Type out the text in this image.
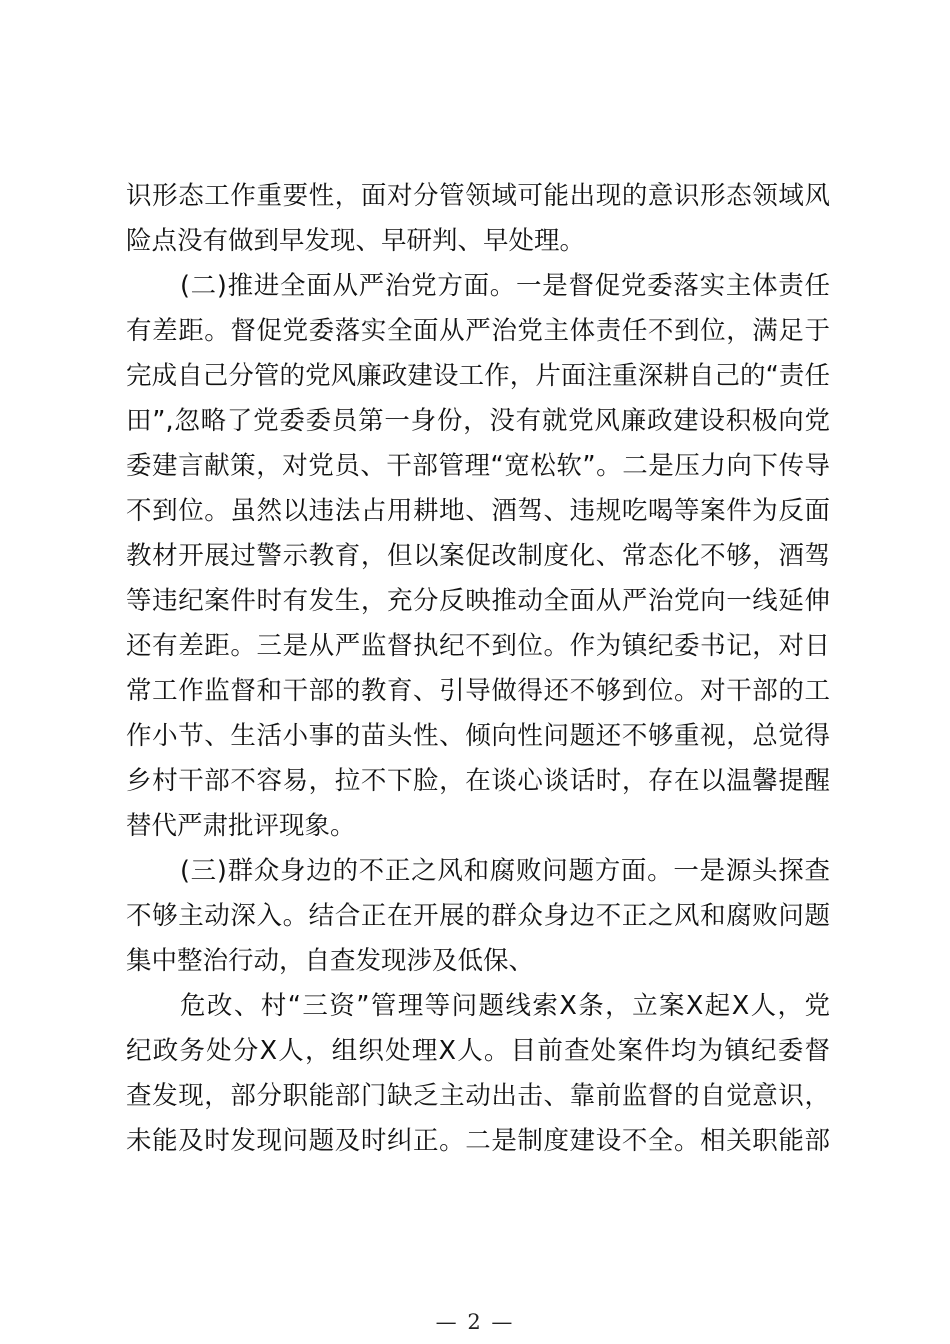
识形态工作重要性，面对分管领域可能出现的意识形态领域风
险点没有做到早发现、早研判、早处理。
(二)推进全面从严治党方面。一是督促党委落实主体责任
有差距。督促党委落实全面从严治党主体责任不到位，满足于
完成自己分管的党风廉政建设工作，片面注重深耕自己的“责任
田”,忽略了党委委员第一身份，没有就党风廉政建设积极向党
委建言献策，对党员、干部管理“宽松软”。二是压力向下传导
不到位。虽然以违法占用耕地、酒驾、违规吃喝等案件为反面
教材开展过警示教育，但以案促改制度化、常态化不够，酒驾
等违纪案件时有发生，充分反映推动全面从严治党向一线延伸
还有差距。三是从严监督执纪不到位。作为镇纪委书记，对日
常工作监督和干部的教育、引导做得还不够到位。对干部的工
作小节、生活小事的苗头性、倾向性问题还不够重视，总觉得
乡村干部不容易，拉不下脸，在谈心谈话时，存在以温馨提醒
替代严肃批评现象。
(三)群众身边的不正之风和腐败问题方面。一是源头探查
不够主动深入。结合正在开展的群众身边不正之风和腐败问题
集中整治行动，自查发现涉及低保、
危改、村“三资”管理等问题线索X条，立案X起X人，党
纪政务处分X人，组织处理X人。目前查处案件均为镇纪委督
查发现，部分职能部门缺乏主动出击、靠前监督的自觉意识，
未能及时发现问题及时纠正。二是制度建设不全。相关职能部
— 2 —
